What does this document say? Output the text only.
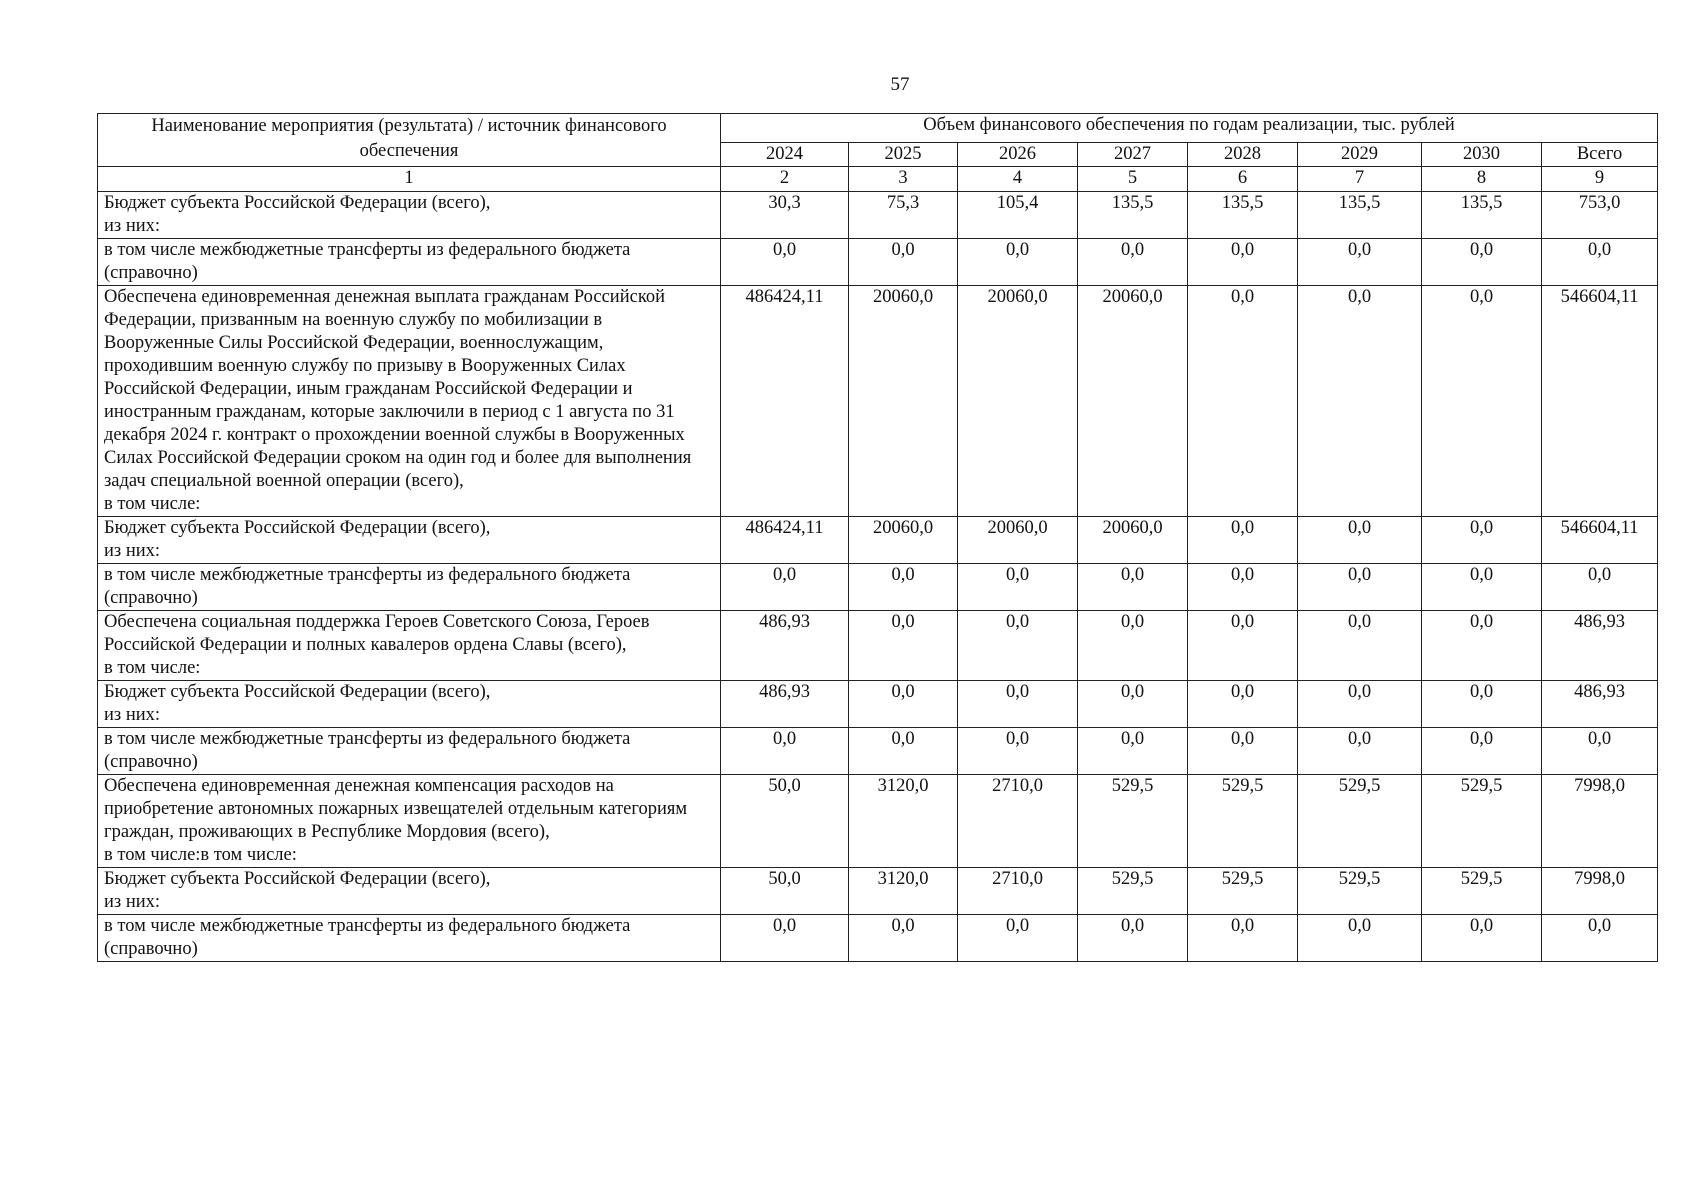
57
Наименование мероприятия (результата) / источник финансового обеспечения	Объем финансового обеспечения по годам реализации, тыс. рублей							
	2024	2025	2026	2027	2028	2029	2030	Всего
1	2	3	4	5	6	7	8	9
Бюджет субъекта Российской Федерации (всего),
из них:	30,3	75,3	105,4	135,5	135,5	135,5	135,5	753,0
в том числе межбюджетные трансферты из федерального бюджета (справочно)	0,0	0,0	0,0	0,0	0,0	0,0	0,0	0,0
Обеспечена единовременная денежная выплата гражданам Российской Федерации, призванным на военную службу по мобилизации в Вооруженные Силы Российской Федерации, военнослужащим, проходившим военную службу по призыву в Вооруженных Силах Российской Федерации, иным гражданам Российской Федерации и иностранным гражданам, которые заключили в период с 1 августа по 31 декабря 2024 г. контракт о прохождении военной службы в Вооруженных Силах Российской Федерации сроком на один год и более для выполнения задач специальной военной операции (всего),
в том числе:	486424,11	20060,0	20060,0	20060,0	0,0	0,0	0,0	546604,11
Бюджет субъекта Российской Федерации (всего),
из них:	486424,11	20060,0	20060,0	20060,0	0,0	0,0	0,0	546604,11
в том числе межбюджетные трансферты из федерального бюджета (справочно)	0,0	0,0	0,0	0,0	0,0	0,0	0,0	0,0
Обеспечена социальная поддержка Героев Советского Союза, Героев Российской Федерации и полных кавалеров ордена Славы (всего),
в том числе:	486,93	0,0	0,0	0,0	0,0	0,0	0,0	486,93
Бюджет субъекта Российской Федерации (всего),
из них:	486,93	0,0	0,0	0,0	0,0	0,0	0,0	486,93
в том числе межбюджетные трансферты из федерального бюджета (справочно)	0,0	0,0	0,0	0,0	0,0	0,0	0,0	0,0
Обеспечена единовременная денежная компенсация расходов на приобретение автономных пожарных извещателей отдельным категориям граждан, проживающих в Республике Мордовия (всего),
в том числе:в том числе:	50,0	3120,0	2710,0	529,5	529,5	529,5	529,5	7998,0
Бюджет субъекта Российской Федерации (всего),
из них:	50,0	3120,0	2710,0	529,5	529,5	529,5	529,5	7998,0
в том числе межбюджетные трансферты из федерального бюджета (справочно)	0,0	0,0	0,0	0,0	0,0	0,0	0,0	0,0
